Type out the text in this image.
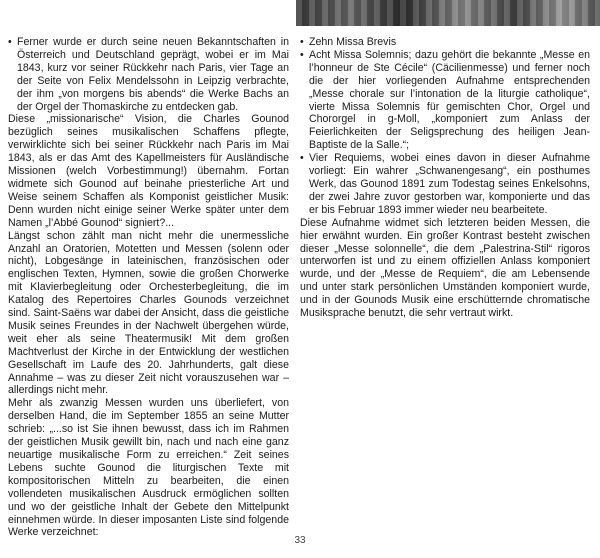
• Ferner wurde er durch seine neuen Bekanntschaften in Österreich und Deutschland geprägt, wobei er im Mai 1843, kurz vor seiner Rückkehr nach Paris, vier Tage an der Seite von Felix Mendelssohn in Leipzig verbrachte, der ihm „von morgens bis abends“ die Werke Bachs an der Orgel der Thomaskirche zu entdecken gab.

Diese „missionarische“ Vision, die Charles Gounod bezüglich seines musikalischen Schaffens pflegte, verwirklichte sich bei seiner Rückkehr nach Paris im Mai 1843, als er das Amt des Kapellmeisters für Ausländische Missionen (welch Vorbestimmung!) übernahm. Fortan widmete sich Gounod auf beinahe priesterliche Art und Weise seinem Schaffen als Komponist geistlicher Musik: Denn wurden nicht einige seiner Werke später unter dem Namen „l’Abbé Gounod“ signiert?...

Längst schon zählt man nicht mehr die unermessliche Anzahl an Oratorien, Motetten und Messen (solenn oder nicht), Lobgesänge in lateinischen, französischen oder englischen Texten, Hymnen, sowie die großen Chorwerke mit Klavierbegleitung oder Orchesterbegleitung, die im Katalog des Repertoires Charles Gounods verzeichnet sind. Saint-Saëns war dabei der Ansicht, dass die geistliche Musik seines Freundes in der Nachwelt übergehen würde, weit eher als seine Theatermusik! Mit dem großen Machtverlust der Kirche in der Entwicklung der westlichen Gesellschaft im Laufe des 20. Jahrhunderts, galt diese Annahme – was zu dieser Zeit nicht vorauszusehen war – allerdings nicht mehr.

Mehr als zwanzig Messen wurden uns überliefert, von derselben Hand, die im September 1855 an seine Mutter schrieb: „...so ist Sie ihnen bewusst, dass ich im Rahmen der geistlichen Musik gewillt bin, nach und nach eine ganz neuartige musikalische Form zu erreichen.“ Zeit seines Lebens suchte Gounod die liturgischen Texte mit kompositorischen Mitteln zu bearbeiten, die einen vollendeten musikalischen Ausdruck ermöglichen sollten und wo der geistliche Inhalt der Gebete den Mittelpunkt einnehmen würde. In dieser imposanten Liste sind folgende Werke verzeichnet:

• Zehn Missa Brevis
• Acht Missa Solemnis; dazu gehört die bekannte „Messe en l’honneur de Ste Cécile“ (Cäcilienmesse) und ferner noch die der hier vorliegenden Aufnahme entsprechenden „Messe chorale sur l’intonation de la liturgie catholique“, vierte Missa Solemnis für gemischten Chor, Orgel und Chororgel in g-Moll, „komponiert zum Anlass der Feierlichkeiten der Seligsprechung des heiligen Jean-Baptiste de la Salle.“;
• Vier Requiems, wobei eines davon in dieser Aufnahme vorliegt: Ein wahrer „Schwanengesang“, ein posthumes Werk, das Gounod 1891 zum Todestag seines Enkelsohns, der zwei Jahre zuvor gestorben war, komponierte und das er bis Februar 1893 immer wieder neu bearbeitete.

Diese Aufnahme widmet sich letzteren beiden Messen, die hier erwähnt wurden. Ein großer Kontrast besteht zwischen dieser „Messe solonnelle“, die dem „Palestrina-Stil“ rigoros unterworfen ist und zu einem offiziellen Anlass komponiert wurde, und der „Messe de Requiem“, die am Lebensende und unter stark persönlichen Umständen komponiert wurde, und in der Gounods Musik eine erschütternde chromatische Musiksprache benutzt, die sehr vertraut wirkt.

33
